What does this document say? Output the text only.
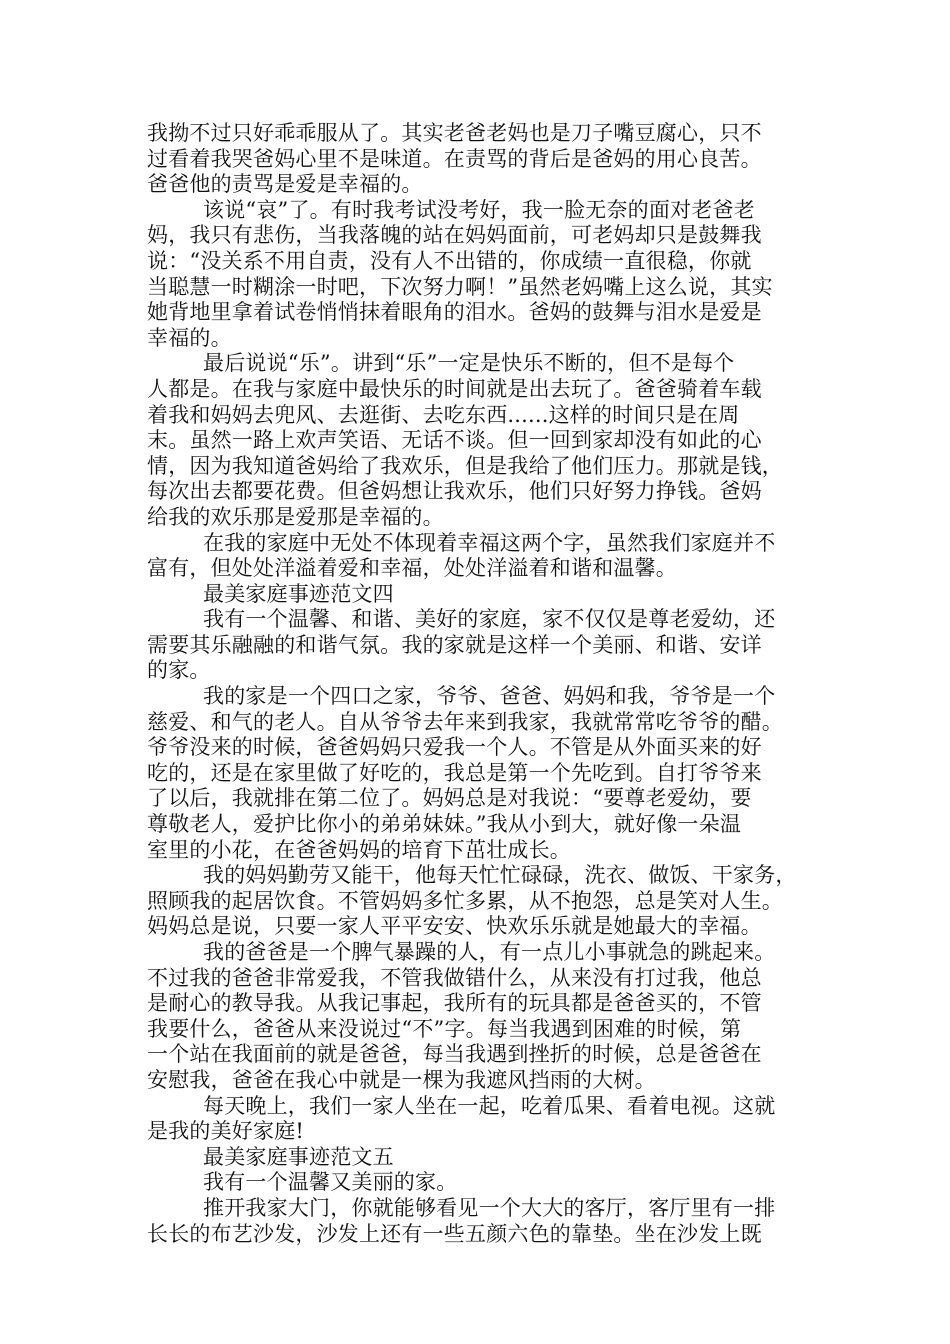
我拗不过只好乖乖服从了。其实老爸老妈也是刀子嘴豆腐心，只不
过看着我哭爸妈心里不是味道。在责骂的背后是爸妈的用心良苦。
爸爸他的责骂是爱是幸福的。
该说“哀”了。有时我考试没考好，我一脸无奈的面对老爸老
妈，我只有悲伤，当我落魄的站在妈妈面前，可老妈却只是鼓舞我
说：“没关系不用自责，没有人不出错的，你成绩一直很稳，你就
当聪慧一时糊涂一时吧，下次努力啊！”虽然老妈嘴上这么说，其实
她背地里拿着试卷悄悄抹着眼角的泪水。爸妈的鼓舞与泪水是爱是
幸福的。
最后说说“乐”。讲到“乐”一定是快乐不断的，但不是每个
人都是。在我与家庭中最快乐的时间就是出去玩了。爸爸骑着车载
着我和妈妈去兜风、去逛街、去吃东西......这样的时间只是在周
末。虽然一路上欢声笑语、无话不谈。但一回到家却没有如此的心
情，因为我知道爸妈给了我欢乐，但是我给了他们压力。那就是钱，
每次出去都要花费。但爸妈想让我欢乐，他们只好努力挣钱。爸妈
给我的欢乐那是爱那是幸福的。
在我的家庭中无处不体现着幸福这两个字，虽然我们家庭并不
富有，但处处洋溢着爱和幸福，处处洋溢着和谐和温馨。
最美家庭事迹范文四
我有一个温馨、和谐、美好的家庭，家不仅仅是尊老爱幼，还
需要其乐融融的和谐气氛。我的家就是这样一个美丽、和谐、安详
的家。
我的家是一个四口之家，爷爷、爸爸、妈妈和我，爷爷是一个
慈爱、和气的老人。自从爷爷去年来到我家，我就常常吃爷爷的醋。
爷爷没来的时候，爸爸妈妈只爱我一个人。不管是从外面买来的好
吃的，还是在家里做了好吃的，我总是第一个先吃到。自打爷爷来
了以后，我就排在第二位了。妈妈总是对我说：“要尊老爱幼，要
尊敬老人，爱护比你小的弟弟妹妹。”我从小到大，就好像一朵温
室里的小花，在爸爸妈妈的培育下茁壮成长。
我的妈妈勤劳又能干，他每天忙忙碌碌，洗衣、做饭、干家务，
照顾我的起居饮食。不管妈妈多忙多累，从不抱怨，总是笑对人生。
妈妈总是说，只要一家人平平安安、快欢乐乐就是她最大的幸福。
我的爸爸是一个脾气暴躁的人，有一点儿小事就急的跳起来。
不过我的爸爸非常爱我，不管我做错什么，从来没有打过我，他总
是耐心的教导我。从我记事起，我所有的玩具都是爸爸买的，不管
我要什么，爸爸从来没说过“不”字。每当我遇到困难的时候，第
一个站在我面前的就是爸爸，每当我遇到挫折的时候，总是爸爸在
安慰我，爸爸在我心中就是一棵为我遮风挡雨的大树。
每天晚上，我们一家人坐在一起，吃着瓜果、看着电视。这就
是我的美好家庭!
最美家庭事迹范文五
我有一个温馨又美丽的家。
推开我家大门，你就能够看见一个大大的客厅，客厅里有一排
长长的布艺沙发，沙发上还有一些五颜六色的靠垫。坐在沙发上既
